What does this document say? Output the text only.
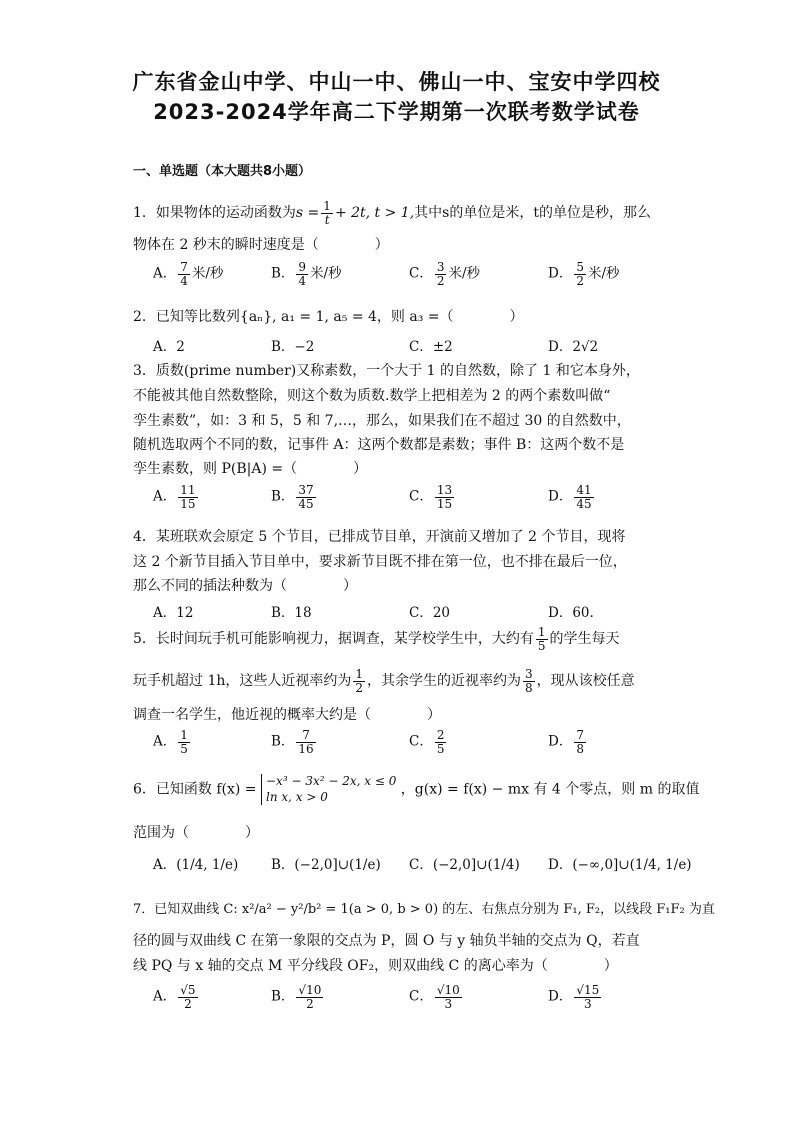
广东省金山中学、中山一中、佛山一中、宝安中学四校
2023-2024学年高二下学期第一次联考数学试卷
一、单选题（本大题共8小题）
1．如果物体的运动函数为$s = \frac{1}{t} + 2t$, t > 1,其中s的单位是米，t的单位是秒，那么
物体在 2 秒末的瞬时速度是（　　　　）
A． $\frac{7}{4}$ 米/秒	B． $\frac{9}{4}$ 米/秒	C． $\frac{3}{2}$ 米/秒	D． $\frac{5}{2}$ 米/秒
2．已知等比数列{aₙ}, a₁ = 1, a₅ = 4，则 a₃ =（　　　　）
A．2	B．−2	C．±2	D．2√2
3．质数(prime number)又称素数，一个大于 1 的自然数，除了 1 和它本身外，
不能被其他自然数整除，则这个数为质数.数学上把相差为 2 的两个素数叫做“
孪生素数”，如：3 和 5，5 和 7,…，那么，如果我们在不超过 30 的自然数中，
随机选取两个不同的数，记事件 A：这两个数都是素数；事件 B：这两个数不是
孪生素数，则 P(B|A) =（　　　　）
A． $\frac{11}{15}$	B． $\frac{37}{45}$	C． $\frac{13}{15}$	D． $\frac{41}{45}$
4．某班联欢会原定 5 个节目，已排成节目单，开演前又增加了 2 个节目，现将
这 2 个新节目插入节目单中，要求新节目既不排在第一位，也不排在最后一位，
那么不同的插法种数为（　　　　）
A．12	B．18	C．20	D．60.
5．长时间玩手机可能影响视力，据调查，某学校学生中，大约有 $\frac{1}{5}$ 的学生每天
玩手机超过 1h，这些人近视率约为 $\frac{1}{2}$ ，其余学生的近视率约为 $\frac{3}{8}$ ，现从该校任意
调查一名学生，他近视的概率大约是（　　　　）
A． $\frac{1}{5}$	B． $\frac{7}{16}$	C． $\frac{2}{5}$	D． $\frac{7}{8}$
6．已知函数 f(x) =
−x³ − 3x² − 2x, x ≤ 0
ln x, x > 0	，g(x) = f(x) − mx 有 4 个零点，则 m 的取值
范围为（　　　　）
A．(1/4, 1/e) B．(−2,0]∪(1/e) C．(−2,0]∪(1/4) D．(−∞,0]∪(1/4, 1/e)
7．已知双曲线 C: x²/a² − y²/b² = 1(a > 0, b > 0) 的左、右焦点分别为 F₁, F₂，以线段 F₁F₂ 为直
径的圆与双曲线 C 在第一象限的交点为 P，圆 O 与 y 轴负半轴的交点为 Q，若直
线 PQ 与 x 轴的交点 M 平分线段 OF₂，则双曲线 C 的离心率为（　　　　）
A． $\frac{√5}{2}$	B． $\frac{√10}{2}$	C． $\frac{√10}{3}$	D． $\frac{√15}{3}$
